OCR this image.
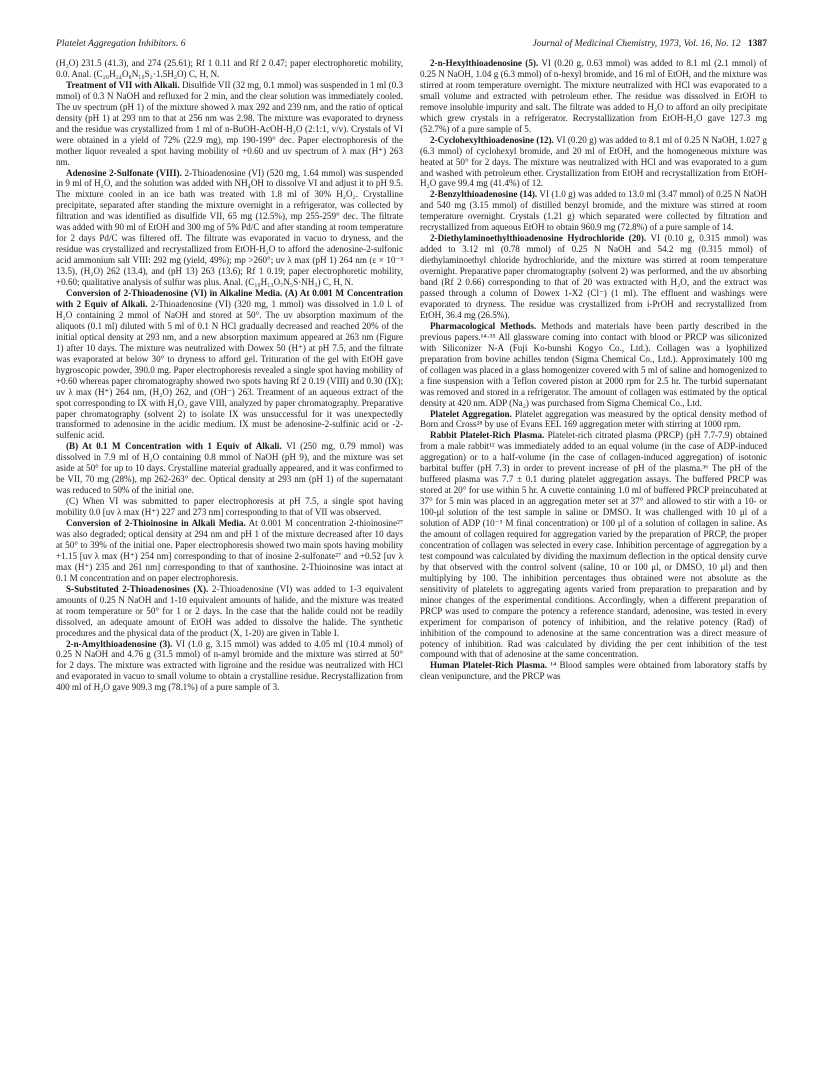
Platelet Aggregation Inhibitors. 6	Journal of Medicinal Chemistry, 1973, Vol. 16, No. 12 1387

(H₂O) 231.5 (41.3), and 274 (25.61); Rf 1 0.11 and Rf 2 0.47; paper electrophoretic mobility, 0.0. Anal. (C₂₀H₂₄O₈N₁₀S₂·1.5H₂O) C, H, N.

Treatment of VII with Alkali. Disulfide VII (32 mg, 0.1 mmol) was suspended in 1 ml (0.3 mmol) of 0.3 N NaOH and refluxed for 2 min, and the clear solution was immediately cooled. The uv spectrum (pH 1) of the mixture showed λ max 292 and 239 nm, and the ratio of optical density (pH 1) at 293 nm to that at 256 nm was 2.98. The mixture was evaporated to dryness and the residue was crystallized from 1 ml of n-BuOH-AcOH-H₂O (2:1:1, v/v). Crystals of VI were obtained in a yield of 72% (22.9 mg), mp 190-199° dec. Paper electrophoresis of the mother liquor revealed a spot having mobility of +0.60 and uv spectrum of λ max (H⁺) 263 nm.

Adenosine 2-Sulfonate (VIII). 2-Thioadenosine (VI) (520 mg, 1.64 mmol) was suspended in 9 ml of H₂O, and the solution was added with NH₄OH to dissolve VI and adjust it to pH 9.5. The mixture cooled in an ice bath was treated with 1.8 ml of 30% H₂O₂. Crystalline precipitate, separated after standing the mixture overnight in a refrigerator, was collected by filtration and was identified as disulfide VII, 65 mg (12.5%), mp 255-259° dec. The filtrate was added with 90 ml of EtOH and 300 mg of 5% Pd/C and after standing at room temperature for 2 days Pd/C was filtered off. The filtrate was evaporated in vacuo to dryness, and the residue was crystallized and recrystallized from EtOH-H₂O to afford the adenosine-2-sulfonic acid ammonium salt VIII: 292 mg (yield, 49%); mp >260°; uv λ max (pH 1) 264 nm (ε × 10⁻³ 13.5), (H₂O) 262 (13.4), and (pH 13) 263 (13.6); Rf 1 0.19; paper electrophoretic mobility, +0.60; qualitative analysis of sulfur was plus. Anal. (C₁₀H₁₃O₇N₅S·NH₃) C, H, N.

Conversion of 2-Thioadenosine (VI) in Alkaline Media. (A) At 0.001 M Concentration with 2 Equiv of Alkali. 2-Thioadenosine (VI) (320 mg, 1 mmol) was dissolved in 1.0 l. of H₂O containing 2 mmol of NaOH and stored at 50°. The uv absorption maximum of the aliquots (0.1 ml) diluted with 5 ml of 0.1 N HCl gradually decreased and reached 20% of the initial optical density at 293 nm, and a new absorption maximum appeared at 263 nm (Figure 1) after 10 days. The mixture was neutralized with Dowex 50 (H⁺) at pH 7.5, and the filtrate was evaporated at below 30° to dryness to afford gel. Trituration of the gel with EtOH gave hygroscopic powder, 390.0 mg. Paper electrophoresis revealed a single spot having mobility of +0.60 whereas paper chromatography showed two spots having Rf 2 0.19 (VIII) and 0.30 (IX); uv λ max (H⁺) 264 nm, (H₂O) 262, and (OH⁻) 263. Treatment of an aqueous extract of the spot corresponding to IX with H₂O₂ gave VIII, analyzed by paper chromatography. Preparative paper chromatography (solvent 2) to isolate IX was unsuccessful for it was unexpectedly transformed to adenosine in the acidic medium. IX must be adenosine-2-sulfinic acid or -2-sulfenic acid.

(B) At 0.1 M Concentration with 1 Equiv of Alkali. VI (250 mg, 0.79 mmol) was dissolved in 7.9 ml of H₂O containing 0.8 mmol of NaOH (pH 9), and the mixture was set aside at 50° for up to 10 days. Crystalline material gradually appeared, and it was confirmed to be VII, 70 mg (28%), mp 262-263° dec. Optical density at 293 nm (pH 1) of the supernatant was reduced to 50% of the initial one.

(C) When VI was submitted to paper electrophoresis at pH 7.5, a single spot having mobility 0.0 [uv λ max (H⁺) 227 and 273 nm] corresponding to that of VII was observed.

Conversion of 2-Thioinosine in Alkali Media. At 0.001 M concentration 2-thioinosine²⁷ was also degraded; optical density at 294 nm and pH 1 of the mixture decreased after 10 days at 50° to 39% of the initial one. Paper electrophoresis showed two main spots having mobility +1.15 [uv λ max (H⁺) 254 nm] corresponding to that of inosine 2-sulfonate²⁷ and +0.52 [uv λ max (H⁺) 235 and 261 nm] corresponding to that of xanthosine. 2-Thioinosine was intact at 0.1 M concentration and on paper electrophoresis.

S-Substituted 2-Thioadenosines (X). 2-Thioadenosine (VI) was added to 1-3 equivalent amounts of 0.25 N NaOH and 1-10 equivalent amounts of halide, and the mixture was treated at room temperature or 50° for 1 or 2 days. In the case that the halide could not be readily dissolved, an adequate amount of EtOH was added to dissolve the halide. The synthetic procedures and the physical data of the product (X, 1-20) are given in Table I.

2-n-Amylthioadenosine (3). VI (1.0 g, 3.15 mmol) was added to 4.05 ml (10.4 mmol) of 0.25 N NaOH and 4.76 g (31.5 mmol) of n-amyl bromide and the mixture was stirred at 50° for 2 days. The mixture was extracted with ligroine and the residue was neutralized with HCl and evaporated in vacuo to small volume to obtain a crystalline residue. Recrystallization from 400 ml of H₂O gave 909.3 mg (78.1%) of a pure sample of 3.

2-n-Hexylthioadenosine (5). VI (0.20 g, 0.63 mmol) was added to 8.1 ml (2.1 mmol) of 0.25 N NaOH, 1.04 g (6.3 mmol) of n-hexyl bromide, and 16 ml of EtOH, and the mixture was stirred at room temperature overnight. The mixture neutralized with HCl was evaporated to a small volume and extracted with petroleum ether. The residue was dissolved in EtOH to remove insoluble impurity and salt. The filtrate was added to H₂O to afford an oily precipitate which grew crystals in a refrigerator. Recrystallization from EtOH-H₂O gave 127.3 mg (52.7%) of a pure sample of 5.

2-Cyclohexylthioadenosine (12). VI (0.20 g) was added to 8.1 ml of 0.25 N NaOH, 1.027 g (6.3 mmol) of cyclohexyl bromide, and 20 ml of EtOH, and the homogeneous mixture was heated at 50° for 2 days. The mixture was neutralized with HCl and was evaporated to a gum and washed with petroleum ether. Crystallization from EtOH and recrystallization from EtOH-H₂O gave 99.4 mg (41.4%) of 12.

2-Benzylthioadenosine (14). VI (1.0 g) was added to 13.0 ml (3.47 mmol) of 0.25 N NaOH and 540 mg (3.15 mmol) of distilled benzyl bromide, and the mixture was stirred at room temperature overnight. Crystals (1.21 g) which separated were collected by filtration and recrystallized from aqueous EtOH to obtain 960.9 mg (72.8%) of a pure sample of 14.

2-Diethylaminoethylthioadenosine Hydrochloride (20). VI (0.10 g, 0.315 mmol) was added to 3.12 ml (0.78 mmol) of 0.25 N NaOH and 54.2 mg (0.315 mmol) of diethylaminoethyl chloride hydrochloride, and the mixture was stirred at room temperature overnight. Preparative paper chromatography (solvent 2) was performed, and the uv absorbing band (Rf 2 0.66) corresponding to that of 20 was extracted with H₂O, and the extract was passed through a column of Dowex 1-X2 (Cl⁻) (1 ml). The effluent and washings were evaporated to dryness. The residue was crystallized from i-PrOH and recrystallized from EtOH, 36.4 mg (26.5%).

Pharmacological Methods. Methods and materials have been partly described in the previous papers.¹⁴·³⁵ All glassware coming into contact with blood or PRCP was siliconized with Siliconizer N-A (Fuji Ko-bunshi Kogyo Co., Ltd.). Collagen was a lyophilized preparation from bovine achilles tendon (Sigma Chemical Co., Ltd.). Approximately 100 mg of collagen was placed in a glass homogenizer covered with 5 ml of saline and homogenized to a fine suspension with a Teflon covered piston at 2000 rpm for 2.5 hr. The turbid supernatant was removed and stored in a refrigerator. The amount of collagen was estimated by the optical density at 420 nm. ADP (Na₂) was purchased from Sigma Chemical Co., Ltd.

Platelet Aggregation. Platelet aggregation was measured by the optical density method of Born and Cross²⁸ by use of Evans EEL 169 aggregation meter with stirring at 1000 rpm.

Rabbit Platelet-Rich Plasma. Platelet-rich citrated plasma (PRCP) (pH 7.7-7.9) obtained from a male rabbit¹² was immediately added to an equal volume (in the case of ADP-induced aggregation) or to a half-volume (in the case of collagen-induced aggregation) of isotonic barbital buffer (pH 7.3) in order to prevent increase of pH of the plasma.³⁶ The pH of the buffered plasma was 7.7 ± 0.1 during platelet aggregation assays. The buffered PRCP was stored at 20° for use within 5 hr. A cuvette containing 1.0 ml of buffered PRCP preincubated at 37° for 5 min was placed in an aggregation meter set at 37° and allowed to stir with a 10- or 100-μl solution of the test sample in saline or DMSO. It was challenged with 10 μl of a solution of ADP (10⁻⁵ M final concentration) or 100 μl of a solution of collagen in saline. As the amount of collagen required for aggregation varied by the preparation of PRCP, the proper concentration of collagen was selected in every case. Inhibition percentage of aggregation by a test compound was calculated by dividing the maximum deflection in the optical density curve by that observed with the control solvent (saline, 10 or 100 μl, or DMSO, 10 μl) and then multiplying by 100. The inhibition percentages thus obtained were not absolute as the sensitivity of platelets to aggregating agents varied from preparation to preparation and by minor changes of the experimental conditions. Accordingly, when a different preparation of PRCP was used to compare the potency a reference standard, adenosine, was tested in every experiment for comparison of potency of inhibition, and the relative potency (Rad) of inhibition of the compound to adenosine at the same concentration was a direct measure of potency of inhibition. Rad was calculated by dividing the per cent inhibition of the test compound with that of adenosine at the same concentration.

Human Platelet-Rich Plasma. ¹⁴ Blood samples were obtained from laboratory staffs by clean venipuncture, and the PRCP was
